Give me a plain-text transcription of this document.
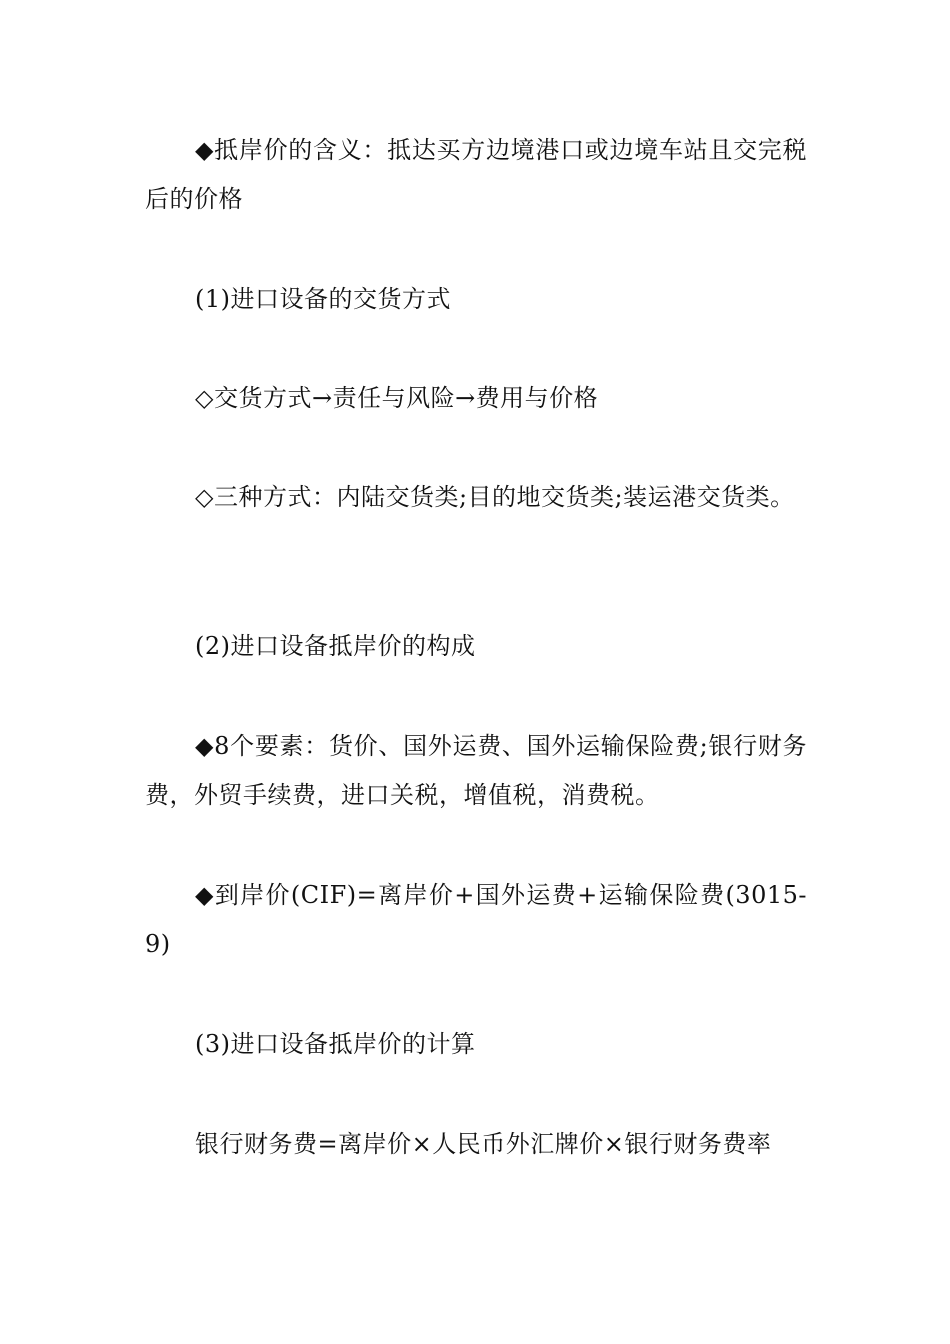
◆抵岸价的含义：抵达买方边境港口或边境车站且交完税后的价格

(1)进口设备的交货方式

◇交货方式→责任与风险→费用与价格

◇三种方式：内陆交货类;目的地交货类;装运港交货类。

(2)进口设备抵岸价的构成

◆8个要素：货价、国外运费、国外运输保险费;银行财务费，外贸手续费，进口关税，增值税，消费税。

◆到岸价(CIF)=离岸价+国外运费+运输保险费(3015-9)

(3)进口设备抵岸价的计算

银行财务费=离岸价×人民币外汇牌价×银行财务费率
